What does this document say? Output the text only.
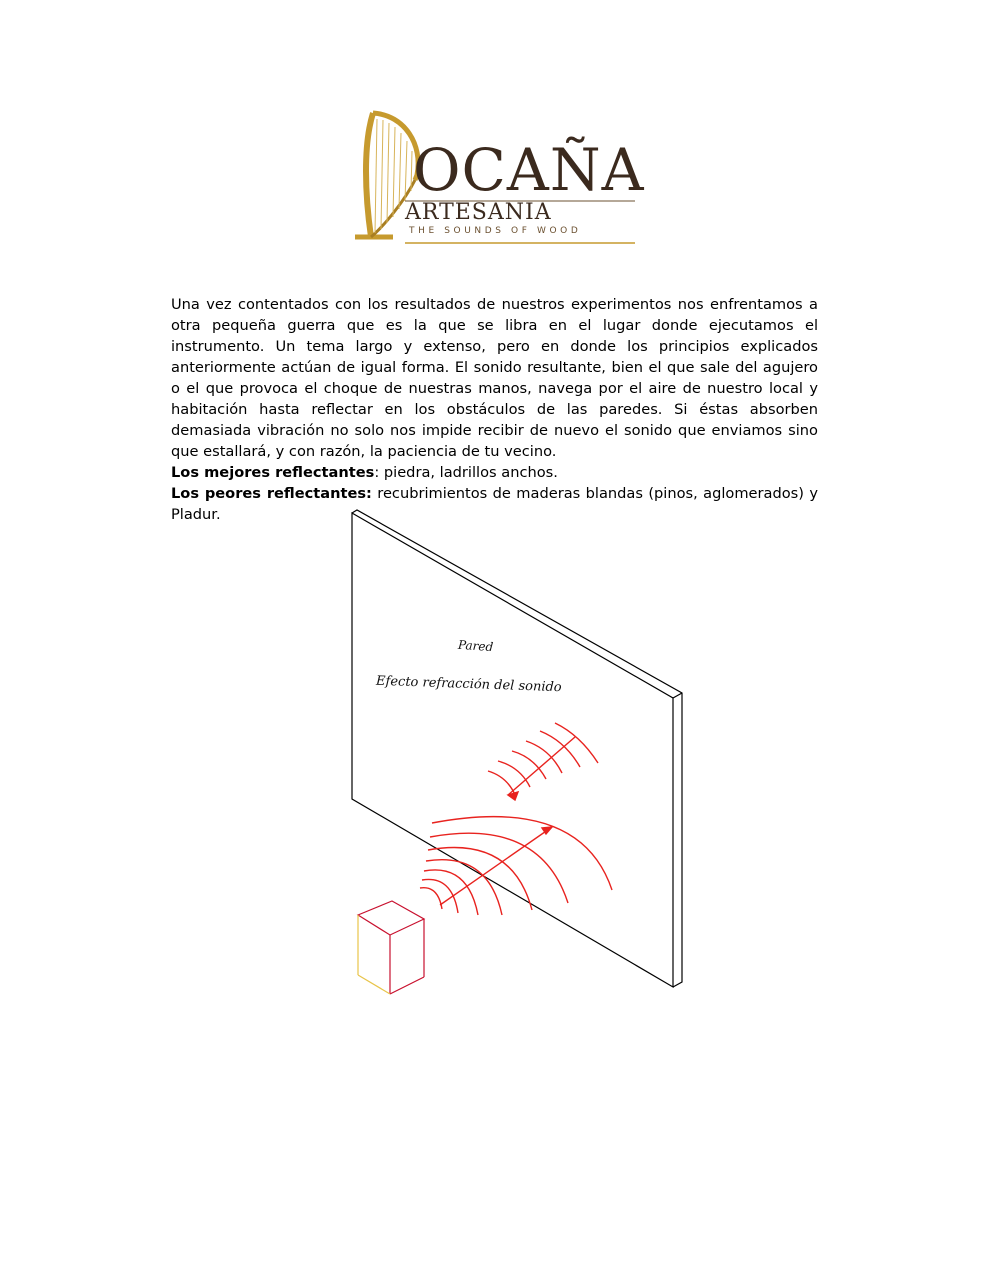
OCAÑA
ARTESANIA
THE SOUNDS OF WOOD

Una vez contentados con los resultados de nuestros experimentos nos enfrentamos a otra pequeña guerra que es la que se libra en el lugar donde ejecutamos el instrumento. Un tema largo y extenso, pero en donde los principios explicados anteriormente actúan de igual forma. El sonido resultante, bien el que sale del agujero o el que provoca el choque de nuestras manos, navega por el aire de nuestro local y habitación hasta reflectar en los obstáculos de las paredes. Si éstas absorben demasiada vibración no solo nos impide recibir de nuevo el sonido que enviamos sino que estallará, y con razón, la paciencia de tu vecino.

Los mejores reflectantes: piedra, ladrillos anchos.

Los peores reflectantes: recubrimientos de maderas blandas (pinos, aglomerados) y Pladur.

Pared
Efecto refracción del sonido
